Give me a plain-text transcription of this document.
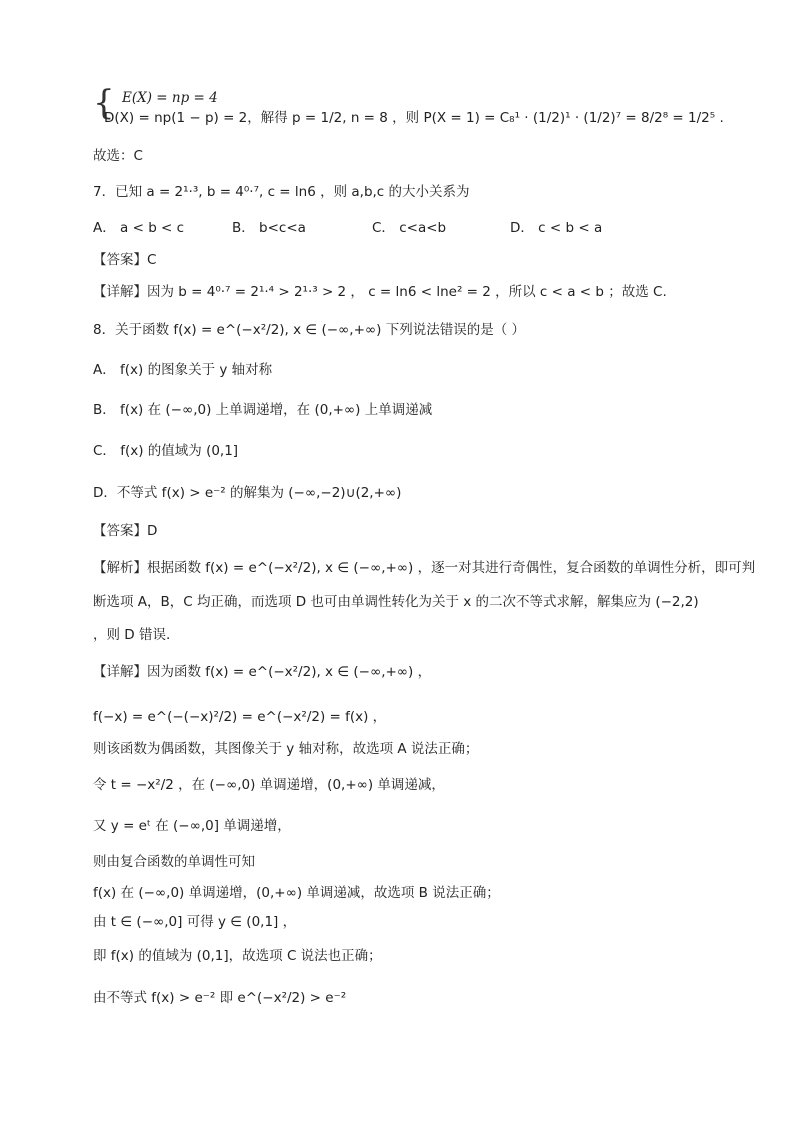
{ E(X) = np = 4
D(X) = np(1 − p) = 2，解得 p = 1/2, n = 8 ，则 P(X = 1) = C₈¹ · (1/2)¹ · (1/2)⁷ = 8/2⁸ = 1/2⁵ .
故选：C
7．已知 a = 2¹·³, b = 4⁰·⁷, c = ln6 ，则 a,b,c 的大小关系为
A． a < b < c	B． b<c<a	C． c<a<b	D． c < b < a
【答案】C
【详解】因为 b = 4⁰·⁷ = 2¹·⁴ > 2¹·³ > 2 ， c = ln6 < lne² = 2 ，所以 c < a < b ；故选 C.
8．关于函数 f(x) = e^(−x²/2), x ∈ (−∞,+∞) 下列说法错误的是（ ）
A． f(x) 的图象关于 y 轴对称
B． f(x) 在 (−∞,0) 上单调递增，在 (0,+∞) 上单调递减
C． f(x) 的值域为 (0,1]
D．不等式 f(x) > e⁻² 的解集为 (−∞,−2)∪(2,+∞)
【答案】D
【解析】根据函数 f(x) = e^(−x²/2), x ∈ (−∞,+∞) ，逐一对其进行奇偶性，复合函数的单调性分析，即可判
断选项 A，B，C 均正确，而选项 D 也可由单调性转化为关于 x 的二次不等式求解，解集应为 (−2,2)
，则 D 错误.
【详解】因为函数 f(x) = e^(−x²/2), x ∈ (−∞,+∞) ，
f(−x) = e^(−(−x)²/2) = e^(−x²/2) = f(x) ，
则该函数为偶函数，其图像关于 y 轴对称，故选项 A 说法正确；
令 t = −x²/2 ，在 (−∞,0) 单调递增，(0,+∞) 单调递减，
又 y = eᵗ 在 (−∞,0] 单调递增，
则由复合函数的单调性可知
f(x) 在 (−∞,0) 单调递增，(0,+∞) 单调递减，故选项 B 说法正确；
由 t ∈ (−∞,0] 可得 y ∈ (0,1] ，
即 f(x) 的值域为 (0,1]，故选项 C 说法也正确；
由不等式 f(x) > e⁻² 即 e^(−x²/2) > e⁻²
